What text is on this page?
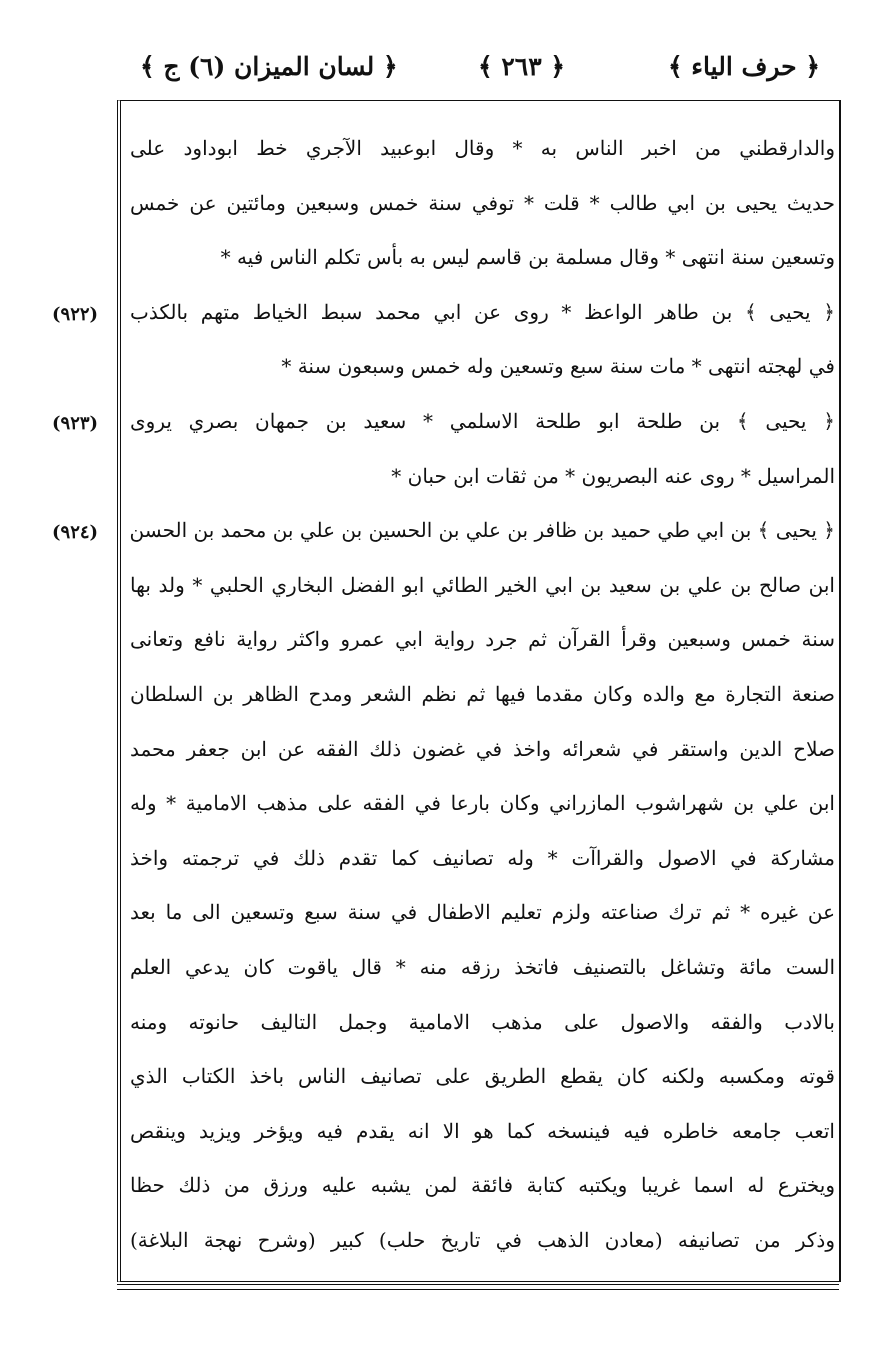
﴿ حرف الياء ﴾
﴿ ٢٦٣ ﴾
﴿ لسان الميزان (٦) ج ﴾
(٩٢٢)
(٩٢٣)
(٩٢٤)
والدارقطني من اخبر الناس به * وقال ابوعبيد الآجري خط ابوداود على
حديث يحيى بن ابي طالب * قلت * توفي سنة خمس وسبعين ومائتين عن خمس
وتسعين سنة انتهى * وقال مسلمة بن قاسم ليس به بأس تكلم الناس فيه *
﴿ يحيى ﴾ بن طاهر الواعظ * روى عن ابي محمد سبط الخياط متهم بالكذب
في لهجته انتهى * مات سنة سبع وتسعين وله خمس وسبعون سنة *
﴿ يحيى ﴾ بن طلحة ابو طلحة الاسلمي * سعيد بن جمهان بصري يروى
المراسيل * روى عنه البصريون * من ثقات ابن حبان *
﴿ يحيى ﴾ بن ابي طي حميد بن ظافر بن علي بن الحسين بن علي بن محمد بن الحسن
ابن صالح بن علي بن سعيد بن ابي الخير الطائي ابو الفضل البخاري الحلبي * ولد بها
سنة خمس وسبعين وقرأ القرآن ثم جرد رواية ابي عمرو واكثر رواية نافع وتعانى
صنعة التجارة مع والده وكان مقدما فيها ثم نظم الشعر ومدح الظاهر بن السلطان
صلاح الدين واستقر في شعرائه واخذ في غضون ذلك الفقه عن ابن جعفر محمد
ابن علي بن شهراشوب المازراني وكان بارعا في الفقه على مذهب الامامية * وله
مشاركة في الاصول والقراآت * وله تصانيف كما تقدم ذلك في ترجمته واخذ
عن غيره * ثم ترك صناعته ولزم تعليم الاطفال في سنة سبع وتسعين الى ما بعد
الست مائة وتشاغل بالتصنيف فاتخذ رزقه منه * قال ياقوت كان يدعي العلم
بالادب والفقه والاصول على مذهب الامامية وجمل التاليف حانوته ومنه
قوته ومكسبه ولكنه كان يقطع الطريق على تصانيف الناس باخذ الكتاب الذي
اتعب جامعه خاطره فيه فينسخه كما هو الا انه يقدم فيه ويؤخر ويزيد وينقص
ويخترع له اسما غريبا ويكتبه كتابة فائقة لمن يشبه عليه ورزق من ذلك حظا
وذكر من تصانيفه (معادن الذهب في تاريخ حلب) كبير (وشرح نهجة البلاغة)
